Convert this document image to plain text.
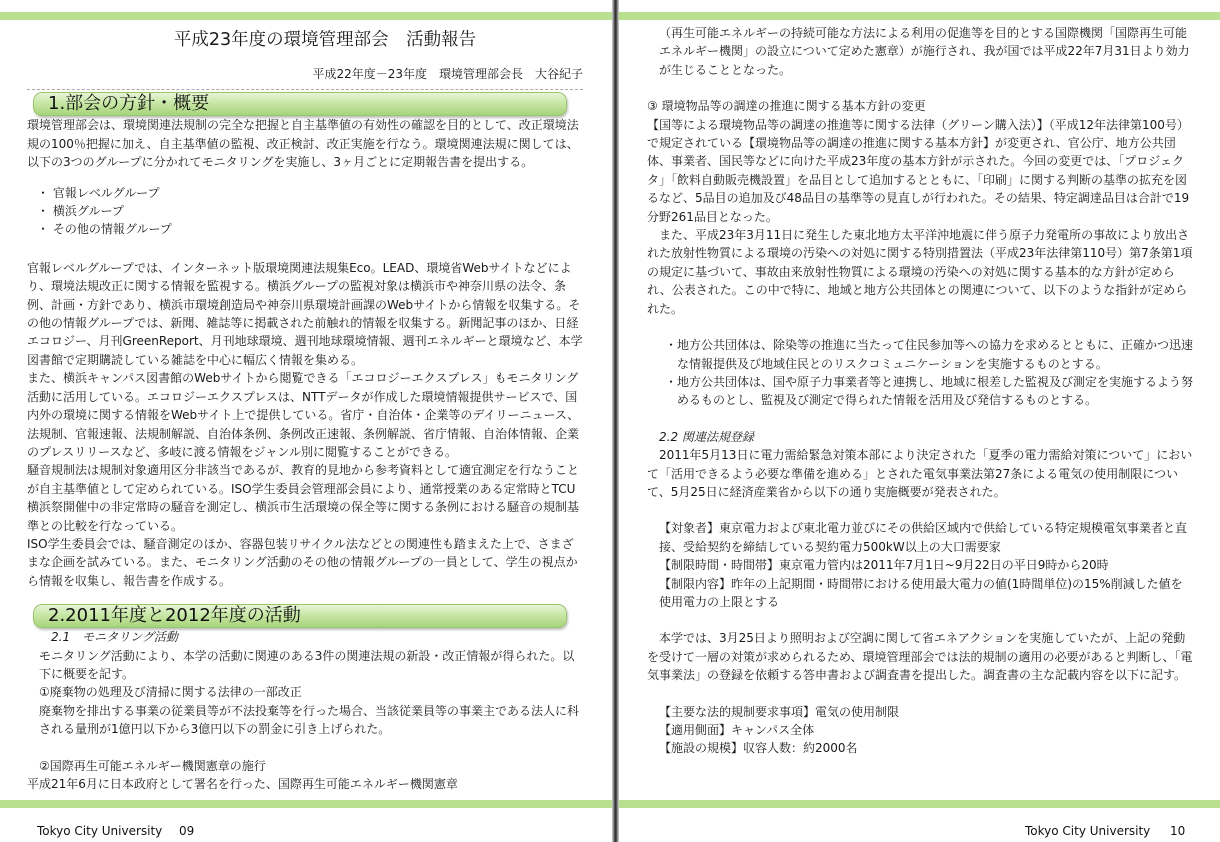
平成23年度の環境管理部会　活動報告

平成22年度－23年度　環境管理部会長　大谷紀子

1.部会の方針・概要

環境管理部会は、環境関連法規制の完全な把握と自主基準値の有効性の確認を目的として、改正環境法規の100％把握に加え、自主基準値の監視、改正検討、改正実施を行なう。環境関連法規に関しては、以下の3つのグループに分かれてモニタリングを実施し、3ヶ月ごとに定期報告書を提出する。

・ 官報レベルグループ
・ 横浜グループ
・ その他の情報グループ

官報レベルグループでは、インターネット版環境関連法規集Eco。LEAD、環境省Webサイトなどにより、環境法規改正に関する情報を監視する。横浜グループの監視対象は横浜市や神奈川県の法令、条例、計画・方針であり、横浜市環境創造局や神奈川県環境計画課のWebサイトから情報を収集する。その他の情報グループでは、新聞、雑誌等に掲載された前触れ的情報を収集する。新聞記事のほか、日経エコロジー、月刊GreenReport、月刊地球環境、週刊地球環境情報、週刊エネルギーと環境など、本学図書館で定期購読している雑誌を中心に幅広く情報を集める。

また、横浜キャンパス図書館のWebサイトから閲覧できる「エコロジーエクスプレス」もモニタリング活動に活用している。エコロジーエクスプレスは、NTTデータが作成した環境情報提供サービスで、国内外の環境に関する情報をWebサイト上で提供している。省庁・自治体・企業等のデイリーニュース、法規制、官報速報、法規制解説、自治体条例、条例改正速報、条例解説、省庁情報、自治体情報、企業のプレスリリースなど、多岐に渡る情報をジャンル別に閲覧することができる。

騒音規制法は規制対象適用区分非該当であるが、教育的見地から参考資料として適宜測定を行なうことが自主基準値として定められている。ISO学生委員会管理部会員により、通常授業のある定常時とTCU横浜祭開催中の非定常時の騒音を測定し、横浜市生活環境の保全等に関する条例における騒音の規制基準との比較を行なっている。

ISO学生委員会では、騒音測定のほか、容器包装リサイクル法などとの関連性も踏まえた上で、さまざまな企画を試みている。また、モニタリング活動のその他の情報グループの一員として、学生の視点から情報を収集し、報告書を作成する。

2.2011年度と2012年度の活動

2.1　モニタリング活動

モニタリング活動により、本学の活動に関連のある3件の関連法規の新設・改正情報が得られた。以下に概要を記す。

①廃棄物の処理及び清掃に関する法律の一部改正

廃棄物を排出する事業の従業員等が不法投棄等を行った場合、当該従業員等の事業主である法人に科される量刑が1億円以下から3億円以下の罰金に引き上げられた。

②国際再生可能エネルギー機関憲章の施行

平成21年6月に日本政府として署名を行った、国際再生可能エネルギー機関憲章

Tokyo City University 09

（再生可能エネルギーの持続可能な方法による利用の促進等を目的とする国際機関「国際再生可能エネルギー機関」の設立について定めた憲章）が施行され、我が国では平成22年7月31日より効力が生じることとなった。

③ 環境物品等の調達の推進に関する基本方針の変更

【国等による環境物品等の調達の推進等に関する法律（グリーン購入法）】（平成12年法律第100号）で規定されている【環境物品等の調達の推進に関する基本方針】が変更され、官公庁、地方公共団体、事業者、国民等などに向けた平成23年度の基本方針が示された。今回の変更では、「プロジェクタ」「飲料自動販売機設置」を品目として追加するとともに、「印刷」に関する判断の基準の拡充を図るなど、5品目の追加及び48品目の基準等の見直しが行われた。その結果、特定調達品目は合計で19分野261品目となった。

　また、平成23年3月11日に発生した東北地方太平洋沖地震に伴う原子力発電所の事故により放出された放射性物質による環境の汚染への対処に関する特別措置法（平成23年法律第110号）第7条第1項の規定に基づいて、事故由来放射性物質による環境の汚染への対処に関する基本的な方針が定められ、公表された。この中で特に、地域と地方公共団体との関連について、以下のような指針が定められた。

・地方公共団体は、除染等の推進に当たって住民参加等への協力を求めるとともに、正確かつ迅速な情報提供及び地域住民とのリスクコミュニケーションを実施するものとする。

・地方公共団体は、国や原子力事業者等と連携し、地域に根差した監視及び測定を実施するよう努めるものとし、監視及び測定で得られた情報を活用及び発信するものとする。

2.2 関連法規登録

　2011年5月13日に電力需給緊急対策本部により決定された「夏季の電力需給対策について」において「活用できるよう必要な準備を進める」とされた電気事業法第27条による電気の使用制限について、5月25日に経済産業省から以下の通り実施概要が発表された。

【対象者】東京電力および東北電力並びにその供給区域内で供給している特定規模電気事業者と直接、受給契約を締結している契約電力500kW以上の大口需要家

【制限時間・時間帯】東京電力管内は2011年7月1日~9月22日の平日9時から20時

【制限内容】昨年の上記期間・時間帯における使用最大電力の値(1時間単位)の15%削減した値を使用電力の上限とする

　本学では、3月25日より照明および空調に関して省エネアクションを実施していたが、上記の発動を受けて一層の対策が求められるため、環境管理部会では法的規制の適用の必要があると判断し、「電気事業法」の登録を依頼する答申書および調査書を提出した。調査書の主な記載内容を以下に記す。

【主要な法的規制要求事項】電気の使用制限

【適用側面】キャンパス全体

【施設の規模】収容人数：約2000名

Tokyo City University 10
